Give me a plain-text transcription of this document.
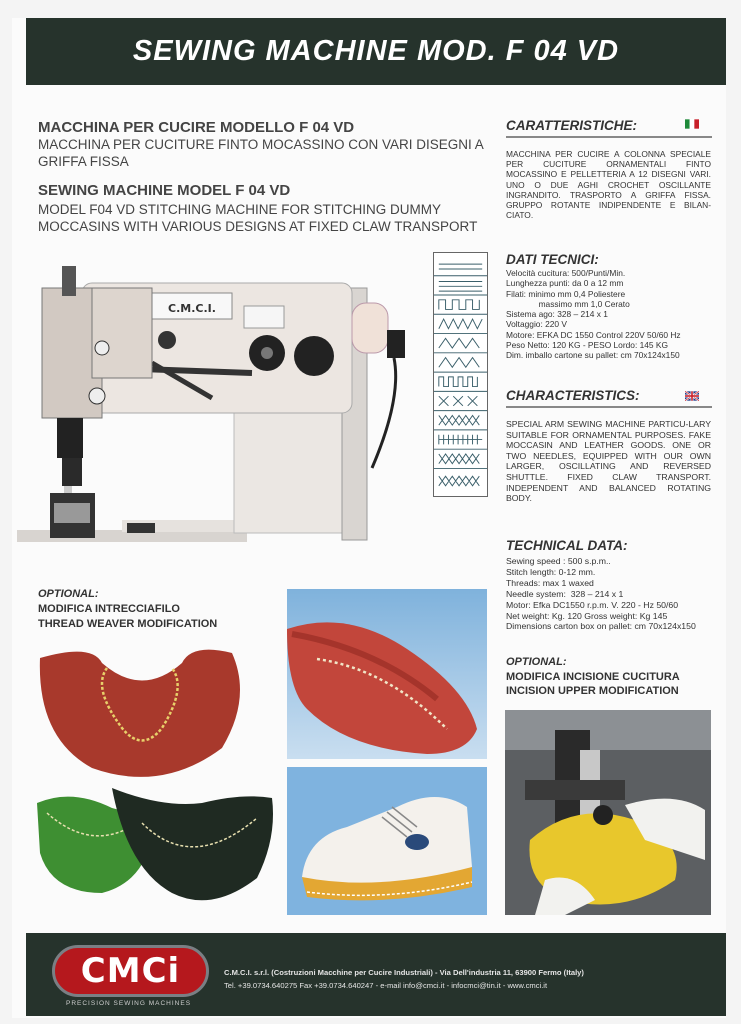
SEWING MACHINE MOD. F 04 VD
MACCHINA PER CUCIRE MODELLO F 04 VD
MACCHINA PER CUCITURE FINTO MOCASSINO CON VARI DISEGNI A GRIFFA FISSA
SEWING MACHINE MODEL F 04 VD
MODEL F04 VD STITCHING MACHINE FOR STITCHING DUMMY MOCCASINS WITH VARIOUS DESIGNS AT FIXED CLAW TRANSPORT
C.M.C.I.
CARATTERISTICHE:
MACCHINA PER CUCIRE A COLONNA SPECIALE PER CUCITURE ORNAMENTALI FINTO MOCASSINO E PELLETTERIA A 12 DISEGNI VARI. UNO O DUE AGHI CROCHET OSCILLANTE INGRANDITO. TRASPORTO A GRIFFA FISSA. GRUPPO ROTANTE INDIPENDENTE E BILAN-CIATO.
DATI TECNICI:
Velocità cucitura: 500/Punti/Min.
Lunghezza punti: da 0 a 12 mm
Filati: minimo mm 0,4 Poliestere
massimo mm 1,0 Cerato
Sistema ago: 328 – 214 x 1
Voltaggio: 220 V
Motore: EFKA DC 1550 Control 220V 50/60 Hz
Peso Netto: 120 KG - PESO Lordo: 145 KG
Dim. imballo cartone su pallet: cm 70x124x150
CHARACTERISTICS:
SPECIAL ARM SEWING MACHINE PARTICU-LARY SUITABLE FOR ORNAMENTAL PURPOSES. FAKE MOCCASIN AND LEATHER GOODS. ONE OR TWO NEEDLES, EQUIPPED WITH OUR OWN LARGER, OSCILLATING AND REVERSED SHUTTLE. FIXED CLAW TRANSPORT. INDEPENDENT AND BALANCED ROTATING BODY.
TECHNICAL DATA:
Sewing speed : 500 s.p.m..
Stitch length: 0-12 mm.
Threads: max 1 waxed
Needle system:  328 – 214 x 1
Motor: Efka DC1550 r.p.m. V. 220 - Hz 50/60
Net weight: Kg. 120 Gross weight: Kg 145
Dimensions carton box on pallet: cm 70x124x150
OPTIONAL:
MODIFICA INTRECCIAFILO
THREAD WEAVER MODIFICATION
OPTIONAL:
MODIFICA INCISIONE CUCITURA
INCISION UPPER MODIFICATION
CMCi
PRECISION SEWING MACHINES
C.M.C.I. s.r.l. (Costruzioni Macchine per Cucire Industriali) - Via Dell'industria 11, 63900 Fermo (Italy)
Tel. +39.0734.640275 Fax +39.0734.640247 - e-mail info@cmci.it - infocmci@tin.it - www.cmci.it
